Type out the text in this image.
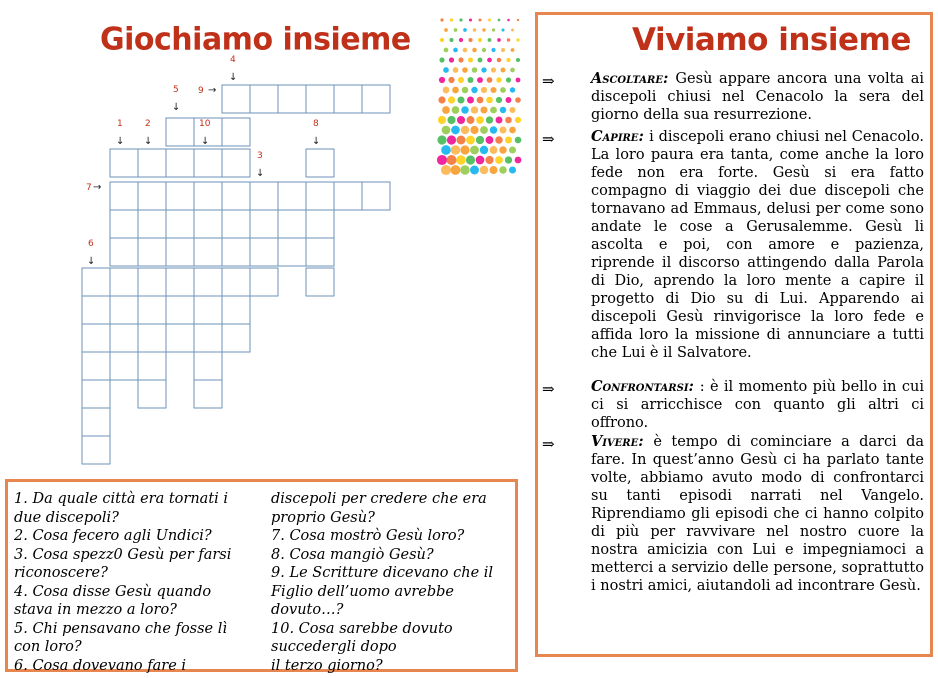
Giochiamo insieme
4
↓
5
↓
9 →
1
↓
2
↓
10
↓
8
↓
3
↓
7 →
6
↓
1. Da quale città era tornati i
due discepoli?
2. Cosa fecero agli Undici?
3. Cosa spezz0 Gesù per farsi
riconoscere?
4. Cosa disse Gesù quando
stava in mezzo a loro?
5. Chi pensavano che fosse lì
con loro?
6. Cosa dovevano fare i
discepoli per credere che era
proprio Gesù?
7. Cosa mostrò Gesù loro?
8. Cosa mangiò Gesù?
9. Le Scritture dicevano che il
Figlio dell’uomo avrebbe
dovuto…?
10. Cosa sarebbe dovuto
succedergli dopo
il terzo giorno?
Viviamo insieme
⇒	Ascoltare: Gesù appare ancora una volta ai discepoli chiusi nel Cenacolo la sera del giorno della sua resurrezione.
⇒	Capire: i discepoli erano chiusi nel Cenacolo. La loro paura era tanta, come anche la loro fede non era forte. Gesù si era fatto compagno di viaggio dei due discepoli che tornavano ad Emmaus, delusi per come sono andate le cose a Gerusalemme. Gesù li ascolta e poi, con amore e pazienza, riprende il discorso attingendo dalla Parola di Dio, aprendo la loro mente a capire il progetto di Dio su di Lui. Apparendo ai discepoli Gesù rinvigorisce la loro fede e affida loro la missione di annunciare a tutti che Lui è il Salvatore.
⇒	Confrontarsi: : è il momento più bello in cui ci si arricchisce con quanto gli altri ci offrono.
⇒	Vivere: è tempo di cominciare a darci da fare. In quest’anno Gesù ci ha parlato tante volte, abbiamo avuto modo di confrontarci su tanti episodi narrati nel Vangelo. Riprendiamo gli episodi che ci hanno colpito di più per ravvivare nel nostro cuore la nostra amicizia con Lui e impegniamoci a metterci a servizio delle persone, soprattutto i nostri amici, aiutandoli ad incontrare Gesù.
